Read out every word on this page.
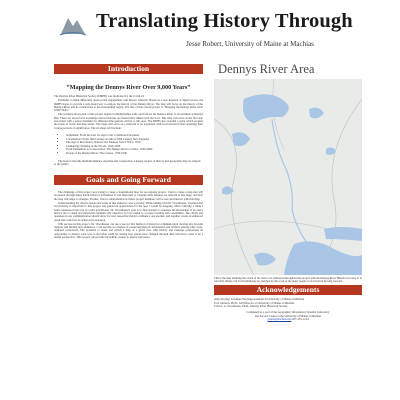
Translating History Through
Jesse Robert, University of Maine at Machias
Introduction
“Mapping the Dennys River Over 9,000 Years”
The Dennys River Historical Society (DRHS) was motivated by the Covid-19

Pandemic to think differently about social engagement with history outreach. Based on a new material of digital access, the DRHS hopes to provide a web-based way to explore the history of the Dennys River. The map will focus on the history of the Dennys River and its connections to the surrounding region. The title of this overall project is "Mapping the Dennys River Over 9,000 Years."

The northern-most point of this project begins in Meddybemps Lake and follows the Dennys River to its terminus at Dennys Bay. There are seven local townships whose histories are inextricably linked with the river. This map will serve as the first step associated with a series detailing six different time periods critical to this area. The DRHS has awarded a grant which secured the funds to create this map series. The maps will serve as a platform to be populated with local historical sites spanning their various periods of significance. The six maps will include:

• Settlement: From the Last Ice Age to the Columbian Encounter
• Colonization: From 16th Century Acadia to 18th Century New England
• The Age of Revolution: Natives and Yankees from 1763 to 1816
• Lumbering: Working in the Woods, 1816-1920
• From Exhaustion to Conservation: The Dennys River Corridor, 1920-2000
• People of the Dennys River: The Census, 1790-1950

The hope is that this multidisciplinary expertise and cooperation, a deeper picture of history and geography may be relayed to the public.

Goals and Going Forward

The challenge of this project was trying to create a foundational map for an ongoing project. I had to create a map that will be passed through many hands before it is finished. It was important to consider what features are relevant at this stage, and how the map will adapt to changes. Further, I had to understand how future project members will access and interact with this map.

Understanding my client's needs and wants in this endeavor was a priority. While talking with Dr. Woodhouse, I learned that local history is important to this project and gained an appreciation for the area I would be mapping. More critically, I think I better understood my role as a GIS practitioner. Dr. Woodhouse's goal is to find avenues to translate his knowledge of an area's history into a visual and interactive medium. My objective is to be useful to a project reading GIS capabilities. The clarity and openness in our communication should allow for new respective fields to influence one another, and together create an enhanced result that could not be achieved in isolation.

Will success in this project, Dr. Woodhouse can use a use for this method of historical communication moving into broader regions, and finding new audiences. I can see this as a means of connecting historic information and artifacts among other ways, outdated collections. The potential to share and enrich a map of a given area with history and business professions an opportunity to display what was, is and what could be. Seeing how places have changed through time will never cease to be a useful perspective. This project can provide incredible context to places and issues.

Dennys River Area

This is the map detailing the extent of the area to be addressed throughout this project with the Dennys River Historical society. It is currently simple, but it will ultimately be enriched by the work of the many people to be involved moving forward.

Acknowledgements
Amy Dowley, Graduate Teaching Assistant at University of Maine at Machias
Tora Johnson, Ph.D., GIS Director at University of Maine at Machias
Colin J. G. Woodhouse, Ph.D., Dennys River Historical Society
Completed as a part of the Geographic Information Systems Laboratory
and Service Center at the University of Maine at Machias
gislab@machias.edu 207-255-1214
